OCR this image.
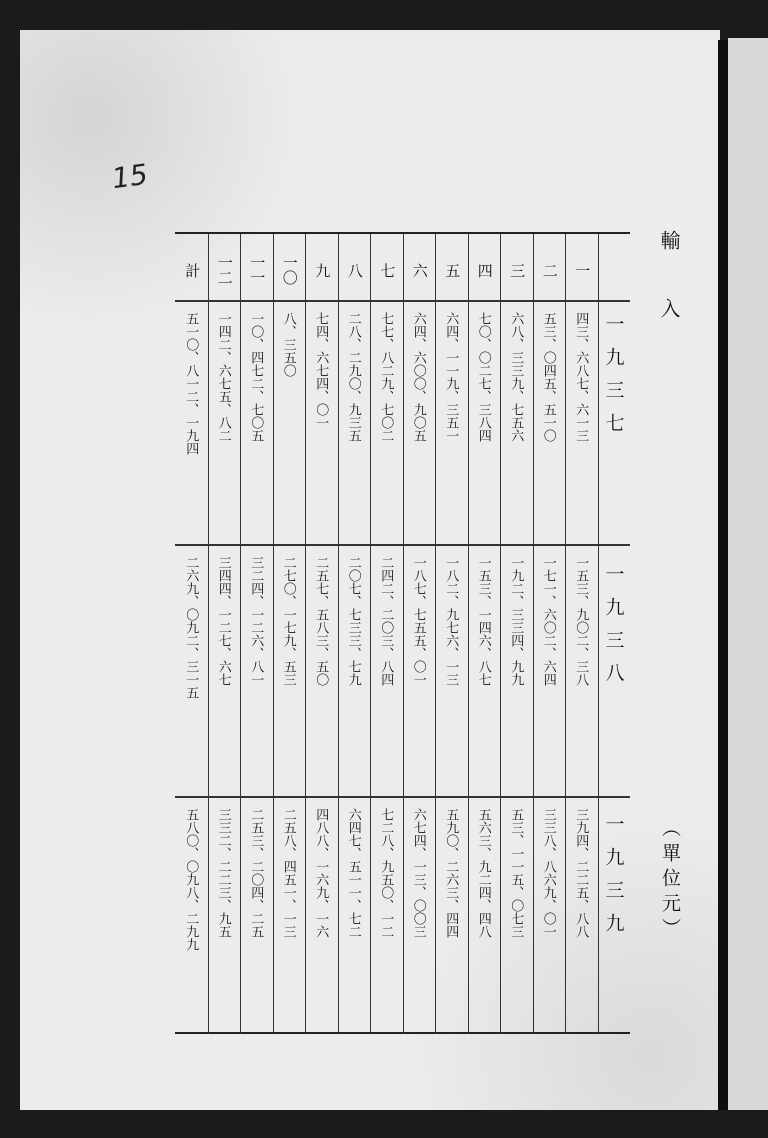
15
輸入
（單位元）
一
二
三
四
五
六
七
八
九
一〇
一一
一二
計
一九三七
一九三八
一九三九
四三、六八七、六一三
五三、〇四五、五一〇
六八、三三九、七五六
七〇、〇二七、三八四
六四、一一九、三五一
六四、六〇〇、九〇五
七七、八二九、七〇二
二八、二九〇、九三五
七四、六七四、〇一
八、三五〇
一〇、四七二、七〇五
一四二、六七五、八二
五一〇、八一二、一九四
一五三、九〇二、三八
一七一、六〇二、六四
一九二、三三四、九九
一五三、一四六、八七
一八二、九七六、一三
一八七、七五五、〇一
二四二、二〇三、八四
二〇七、七三三、七九
二五七、五八三、五〇
二七〇、一七九、五三
三二四、一二六、八一
三四四、一二七、六七
二六九、〇九二、三一五
三九四、二二五、八八
三三八、八六九、〇一
五三、一一五、〇七三
五六三、九二四、四八
五九〇、二六三、四四
六七四、一三、〇〇三
七二八、九五〇、一二
六四七、五一一、七二
四八八、一六九、一六
二五八、四五一、一三
二五三、二〇四、二五
三三二、二二三、九五
五八〇、〇九八、二九九
